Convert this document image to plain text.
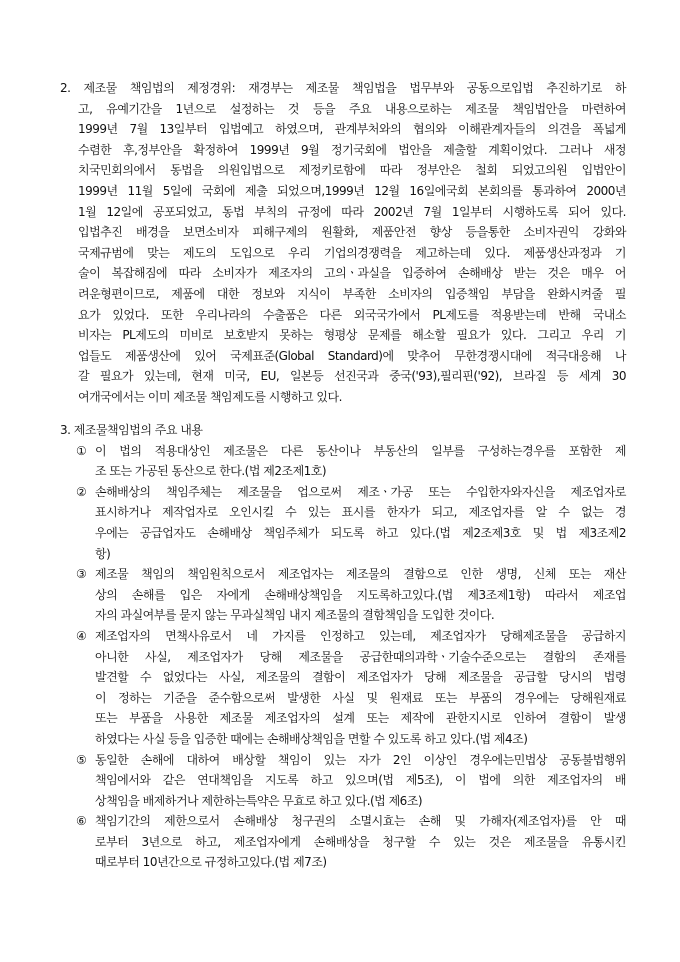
2. 제조물 책임법의 제정경위: 재경부는 제조물 책임법을 법무부와 공동으로입법 추진하기로 하
고, 유예기간을 1년으로 설정하는 것 등을 주요 내용으로하는 제조물 책임법안을 마련하여
1999년 7월 13일부터 입법예고 하였으며, 관계부처와의 협의와 이해관계자들의 의견을 폭넓게
수렴한 후,정부안을 확정하여 1999년 9월 정기국회에 법안을 제출할 계획이었다. 그러나 새정
치국민회의에서 동법을 의원입법으로 제정키로함에 따라 정부안은 철회 되었고의원 입법안이
1999년 11월 5일에 국회에 제출 되었으며,1999년 12월 16일에국회 본회의를 통과하여 2000년
1월 12일에 공포되었고, 동법 부칙의 규정에 따라 2002년 7월 1일부터 시행하도록 되어 있다.
입법추진 배경을 보면소비자 피해구제의 원활화, 제품안전 향상 등을통한 소비자권익 강화와
국제규범에 맞는 제도의 도입으로 우리 기업의경쟁력을 제고하는데 있다. 제품생산과정과 기
술이 복잡해짐에 따라 소비자가 제조자의 고의ㆍ과실을 입증하여 손해배상 받는 것은 매우 어
려운형편이므로, 제품에 대한 정보와 지식이 부족한 소비자의 입증책임 부담을 완화시켜줄 필
요가 있었다. 또한 우리나라의 수출품은 다른 외국국가에서 PL제도를 적용받는데 반해 국내소
비자는 PL제도의 미비로 보호받지 못하는 형평상 문제를 해소할 필요가 있다. 그리고 우리 기
업들도 제품생산에 있어 국제표준(Global Standard)에 맞추어 무한경쟁시대에 적극대응해 나
갈 필요가 있는데, 현재 미국, EU, 일본등 선진국과 중국('93),필리핀('92), 브라질 등 세계 30
여개국에서는 이미 제조물 책임제도를 시행하고 있다.
3. 제조물책임법의 주요 내용
① 이 법의 적용대상인 제조물은 다른 동산이나 부동산의 일부를 구성하는경우를 포함한 제
조 또는 가공된 동산으로 한다.(법 제2조제1호)
② 손해배상의 책임주체는 제조물을 업으로써 제조ㆍ가공 또는 수입한자와자신을 제조업자로
표시하거나 제작업자로 오인시킬 수 있는 표시를 한자가 되고, 제조업자를 알 수 없는 경
우에는 공급업자도 손해배상 책임주체가 되도록 하고 있다.(법 제2조제3호 및 법 제3조제2
항)
③ 제조물 책임의 책임원칙으로서 제조업자는 제조물의 결함으로 인한 생명, 신체 또는 재산
상의 손해를 입은 자에게 손해배상책임을 지도록하고있다.(법 제3조제1항) 따라서 제조업
자의 과실여부를 묻지 않는 무과실책임 내지 제조물의 결함책임을 도입한 것이다.
④ 제조업자의 면책사유로서 네 가지를 인정하고 있는데, 제조업자가 당해제조물을 공급하지
아니한 사실, 제조업자가 당해 제조물을 공급한때의과학ㆍ기술수준으로는 결함의 존재를
발견할 수 없었다는 사실, 제조물의 결함이 제조업자가 당해 제조물을 공급할 당시의 법령
이 정하는 기준을 준수함으로써 발생한 사실 및 원재료 또는 부품의 경우에는 당해원재료
또는 부품을 사용한 제조물 제조업자의 설계 또는 제작에 관한지시로 인하여 결함이 발생
하였다는 사실 등을 입증한 때에는 손해배상책임을 면할 수 있도록 하고 있다.(법 제4조)
⑤ 동일한 손해에 대하여 배상할 책임이 있는 자가 2인 이상인 경우에는민법상 공동불법행위
책임에서와 같은 연대책임을 지도록 하고 있으며(법 제5조), 이 법에 의한 제조업자의 배
상책임을 배제하거나 제한하는특약은 무효로 하고 있다.(법 제6조)
⑥ 책임기간의 제한으로서 손해배상 청구권의 소멸시효는 손해 및 가해자(제조업자)를 안 때
로부터 3년으로 하고, 제조업자에게 손해배상을 청구할 수 있는 것은 제조물을 유통시킨
때로부터 10년간으로 규정하고있다.(법 제7조)
